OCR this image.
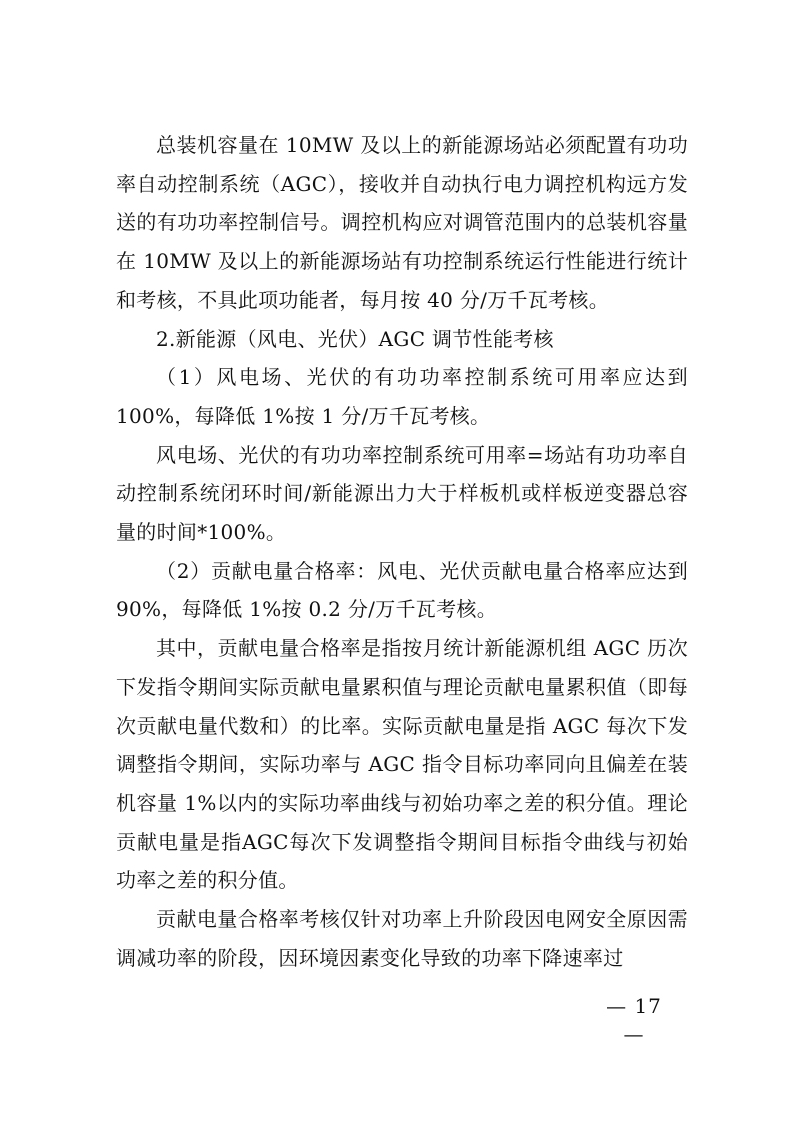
总装机容量在 10MW 及以上的新能源场站必须配置有功功率自动控制系统（AGC），接收并自动执行电力调控机构远方发送的有功功率控制信号。调控机构应对调管范围内的总装机容量在 10MW 及以上的新能源场站有功控制系统运行性能进行统计和考核，不具此项功能者，每月按 40 分/万千瓦考核。

2.新能源（风电、光伏）AGC 调节性能考核

（1）风电场、光伏的有功功率控制系统可用率应达到 100%，每降低 1%按 1 分/万千瓦考核。

风电场、光伏的有功功率控制系统可用率=场站有功功率自动控制系统闭环时间/新能源出力大于样板机或样板逆变器总容量的时间*100%。

（2）贡献电量合格率：风电、光伏贡献电量合格率应达到 90%，每降低 1%按 0.2 分/万千瓦考核。

其中，贡献电量合格率是指按月统计新能源机组 AGC 历次下发指令期间实际贡献电量累积值与理论贡献电量累积值（即每次贡献电量代数和）的比率。实际贡献电量是指 AGC 每次下发调整指令期间，实际功率与 AGC 指令目标功率同向且偏差在装机容量 1%以内的实际功率曲线与初始功率之差的积分值。理论贡献电量是指AGC每次下发调整指令期间目标指令曲线与初始功率之差的积分值。

贡献电量合格率考核仅针对功率上升阶段因电网安全原因需调减功率的阶段，因环境因素变化导致的功率下降速率过

— 17 —
